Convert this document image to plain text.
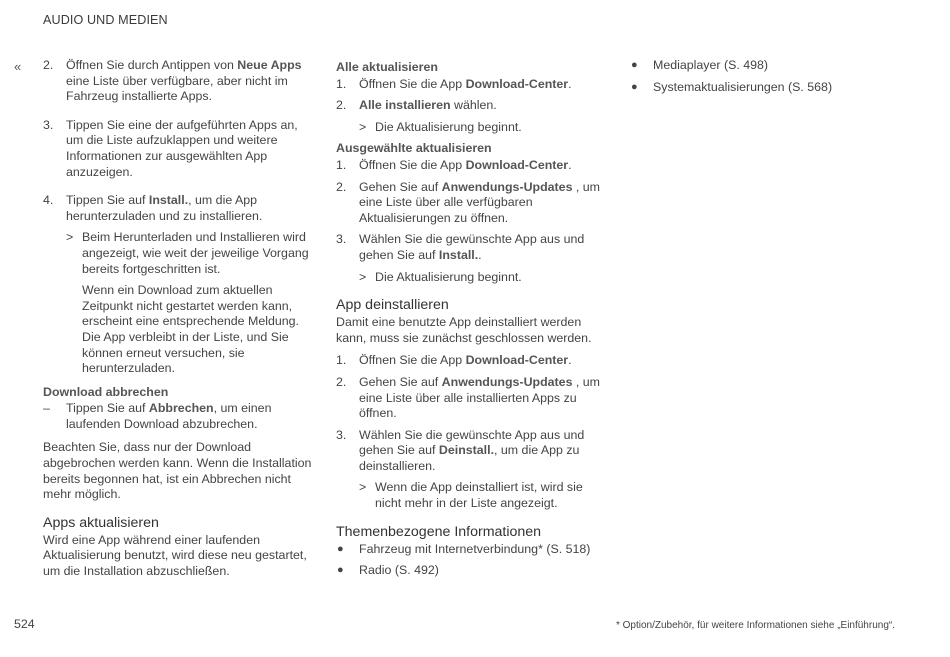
AUDIO UND MEDIEN
« 2. Öffnen Sie durch Antippen von Neue Apps eine Liste über verfügbare, aber nicht im Fahrzeug installierte Apps.
3. Tippen Sie eine der aufgeführten Apps an, um die Liste aufzuklappen und weitere Informationen zur ausgewählten App anzuzeigen.
4. Tippen Sie auf Install., um die App herunterzuladen und zu installieren.
> Beim Herunterladen und Installieren wird angezeigt, wie weit der jeweilige Vorgang bereits fortgeschritten ist.

Wenn ein Download zum aktuellen Zeitpunkt nicht gestartet werden kann, erscheint eine entsprechende Meldung. Die App verbleibt in der Liste, und Sie können erneut versuchen, sie herunterzuladen.

Download abbrechen
– Tippen Sie auf Abbrechen, um einen laufenden Download abzubrechen.

Beachten Sie, dass nur der Download abgebrochen werden kann. Wenn die Installation bereits begonnen hat, ist ein Abbrechen nicht mehr möglich.

Apps aktualisieren

Wird eine App während einer laufenden Aktualisierung benutzt, wird diese neu gestartet, um die Installation abzuschließen.

Alle aktualisieren
1. Öffnen Sie die App Download-Center.
2. Alle installieren wählen.
> Die Aktualisierung beginnt.
Ausgewählte aktualisieren
1. Öffnen Sie die App Download-Center.
2. Gehen Sie auf Anwendungs-Updates , um eine Liste über alle verfügbaren Aktualisierungen zu öffnen.
3. Wählen Sie die gewünschte App aus und gehen Sie auf Install..
> Die Aktualisierung beginnt.
App deinstallieren

Damit eine benutzte App deinstalliert werden kann, muss sie zunächst geschlossen werden.

1. Öffnen Sie die App Download-Center.
2. Gehen Sie auf Anwendungs-Updates , um eine Liste über alle installierten Apps zu öffnen.
3. Wählen Sie die gewünschte App aus und gehen Sie auf Deinstall., um die App zu deinstallieren.
> Wenn die App deinstalliert ist, wird sie nicht mehr in der Liste angezeigt.
Themenbezogene Informationen
● Fahrzeug mit Internetverbindung* (S. 518)
● Radio (S. 492)
● Mediaplayer (S. 498)
● Systemaktualisierungen (S. 568)
524	* Option/Zubehör, für weitere Informationen siehe „Einführung“.
